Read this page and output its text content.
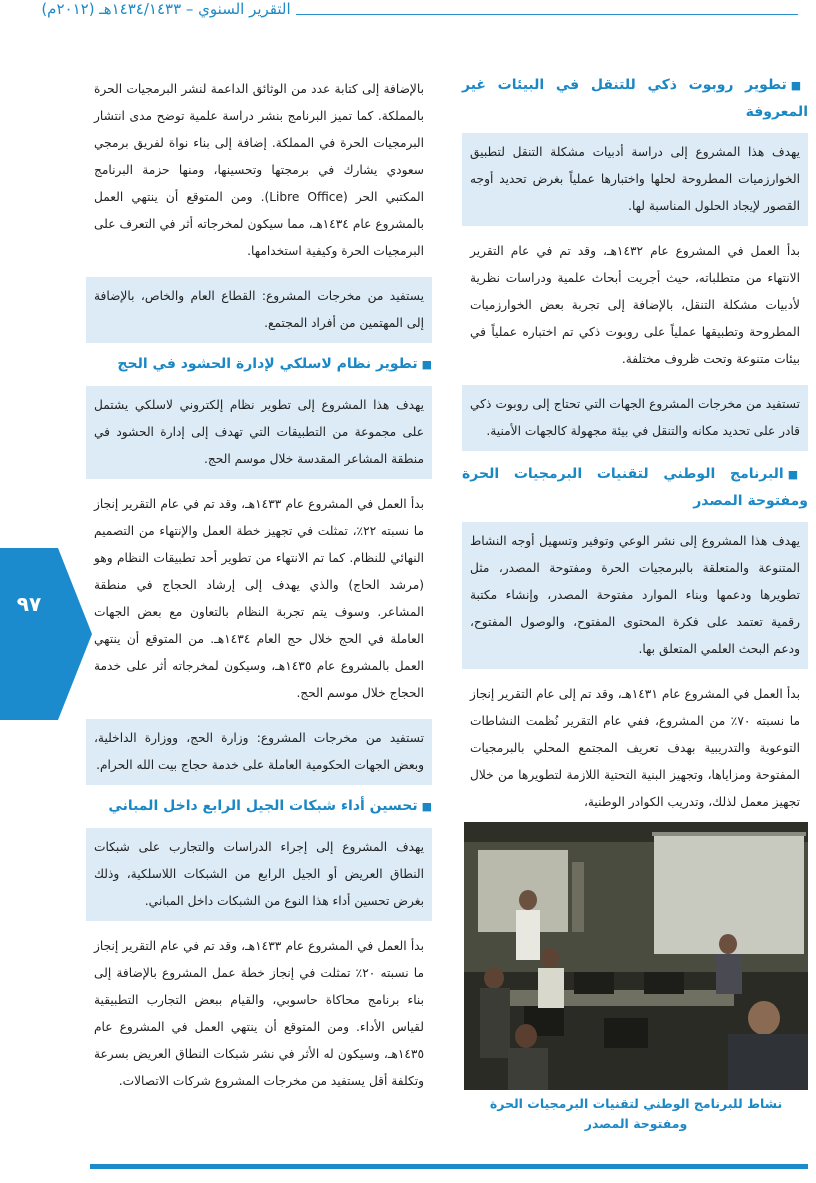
التقرير السنوي – ١٤٣٤/١٤٣٣هـ (٢٠١٢م)
■تطوير روبوت ذكي للتنقل في البيئات غير المعروفة

يهدف هذا المشروع إلى دراسة أدبيات مشكلة التنقل لتطبيق الخوارزميات المطروحة لحلها واختبارها عملياً بغرض تحديد أوجه القصور لإيجاد الحلول المناسبة لها.

بدأ العمل في المشروع عام ١٤٣٢هـ، وقد تم في عام التقرير الانتهاء من متطلباته، حيث أجريت أبحاث علمية ودراسات نظرية لأدبيات مشكلة التنقل، بالإضافة إلى تجربة بعض الخوارزميات المطروحة وتطبيقها عملياً على روبوت ذكي تم اختباره عملياً في بيئات متنوعة وتحت ظروف مختلفة.

تستفيد من مخرجات المشروع الجهات التي تحتاج إلى روبوت ذكي قادر على تحديد مكانه والتنقل في بيئة مجهولة كالجهات الأمنية.

■البرنامج الوطني لتقنيات البرمجيات الحرة ومفتوحة المصدر

يهدف هذا المشروع إلى نشر الوعي وتوفير وتسهيل أوجه النشاط المتنوعة والمتعلقة بالبرمجيات الحرة ومفتوحة المصدر، مثل تطويرها ودعمها وبناء الموارد مفتوحة المصدر، وإنشاء مكتبة رقمية تعتمد على فكرة المحتوى المفتوح، والوصول المفتوح، ودعم البحث العلمي المتعلق بها.

بدأ العمل في المشروع عام ١٤٣١هـ، وقد تم إلى عام التقرير إنجاز ما نسبته ٧٠٪ من المشروع، ففي عام التقرير نُظمت النشاطات التوعوية والتدريبية بهدف تعريف المجتمع المحلي بالبرمجيات المفتوحة ومزاياها، وتجهيز البنية التحتية اللازمة لتطويرها من خلال تجهيز معمل لذلك، وتدريب الكوادر الوطنية،

بالإضافة إلى كتابة عدد من الوثائق الداعمة لنشر البرمجيات الحرة بالمملكة. كما تميز البرنامج بنشر دراسة علمية توضح مدى انتشار البرمجيات الحرة في المملكة. إضافة إلى بناء نواة لفريق برمجي سعودي يشارك في برمجتها وتحسينها، ومنها حزمة البرنامج المكتبي الحر (Libre Office). ومن المتوقع أن ينتهي العمل بالمشروع عام ١٤٣٤هـ، مما سيكون لمخرجاته أثر في التعرف على البرمجيات الحرة وكيفية استخدامها.

يستفيد من مخرجات المشروع: القطاع العام والخاص، بالإضافة إلى المهتمين من أفراد المجتمع.

■تطوير نظام لاسلكي لإدارة الحشود في الحج

يهدف هذا المشروع إلى تطوير نظام إلكتروني لاسلكي يشتمل على مجموعة من التطبيقات التي تهدف إلى إدارة الحشود في منطقة المشاعر المقدسة خلال موسم الحج.

بدأ العمل في المشروع عام ١٤٣٣هـ، وقد تم في عام التقرير إنجاز ما نسبته ٢٢٪، تمثلت في تجهيز خطة العمل والإنتهاء من التصميم النهائي للنظام. كما تم الانتهاء من تطوير أحد تطبيقات النظام وهو (مرشد الحاج) والذي يهدف إلى إرشاد الحجاج في منطقة المشاعر. وسوف يتم تجربة النظام بالتعاون مع بعض الجهات العاملة في الحج خلال حج العام ١٤٣٤هـ. من المتوقع أن ينتهي العمل بالمشروع عام ١٤٣٥هـ، وسيكون لمخرجاته أثر على خدمة الحجاج خلال موسم الحج.

تستفيد من مخرجات المشروع: وزارة الحج، ووزارة الداخلية، وبعض الجهات الحكومية العاملة على خدمة حجاج بيت الله الحرام.

■تحسين أداء شبكات الجيل الرابع داخل المباني

يهدف المشروع إلى إجراء الدراسات والتجارب على شبكات النطاق العريض أو الجيل الرابع من الشبكات اللاسلكية، وذلك بغرض تحسين أداء هذا النوع من الشبكات داخل المباني.

بدأ العمل في المشروع عام ١٤٣٣هـ، وقد تم في عام التقرير إنجاز ما نسبته ٢٠٪ تمثلت في إنجاز خطة عمل المشروع بالإضافة إلى بناء برنامج محاكاة حاسوبي، والقيام ببعض التجارب التطبيقية لقياس الأداء. ومن المتوقع أن ينتهي العمل في المشروع عام ١٤٣٥هـ، وسيكون له الأثر في نشر شبكات النطاق العريض بسرعة وتكلفة أقل يستفيد من مخرجات المشروع شركات الاتصالات.

نشاط للبرنامج الوطني لتقنيات البرمجيات الحرة ومفتوحة المصدر
٩٧
